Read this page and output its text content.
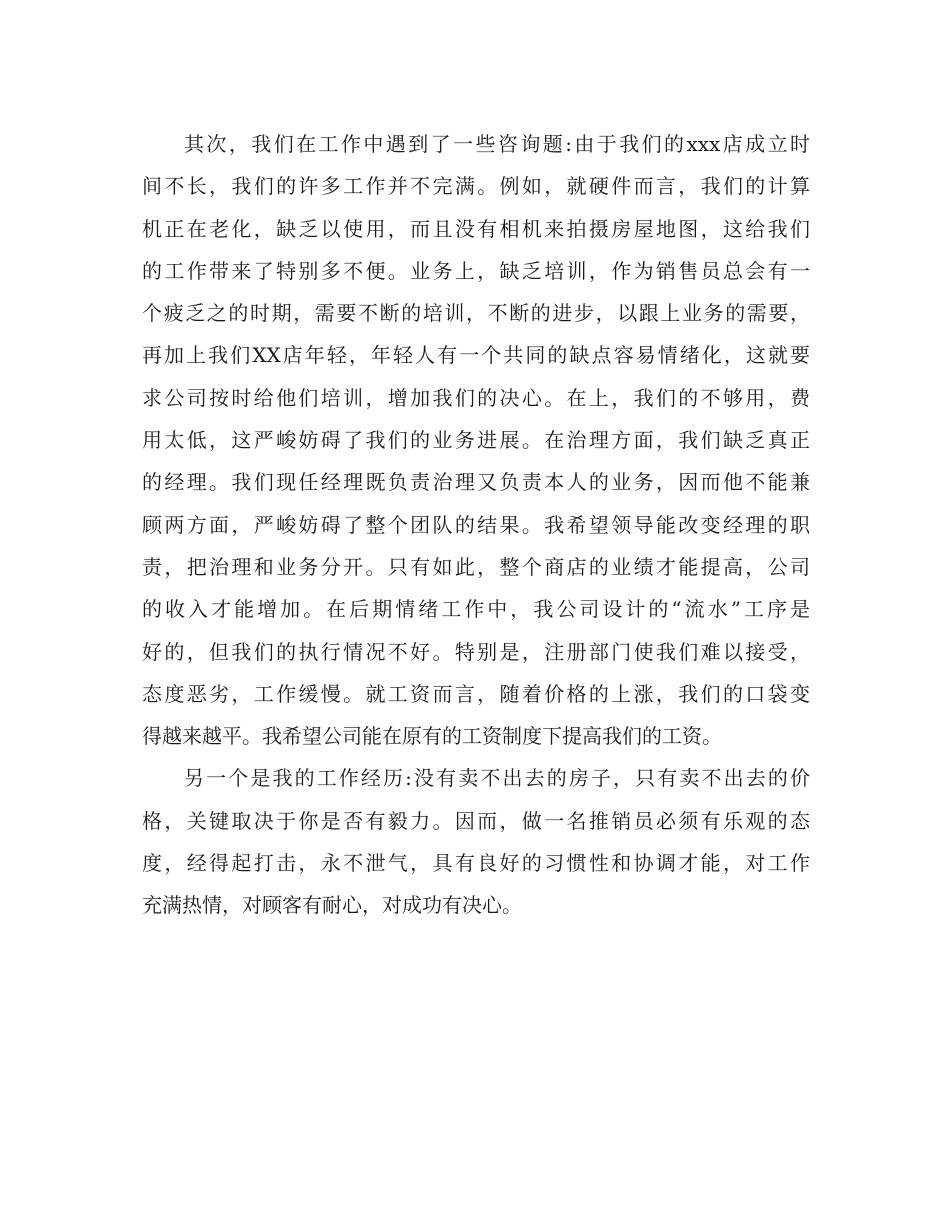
其次，我们在工作中遇到了一些咨询题:由于我们的xxx店成立时
间不长，我们的许多工作并不完满。例如，就硬件而言，我们的计算
机正在老化，缺乏以使用，而且没有相机来拍摄房屋地图，这给我们
的工作带来了特别多不便。业务上，缺乏培训，作为销售员总会有一
个疲乏之的时期，需要不断的培训，不断的进步，以跟上业务的需要，
再加上我们XX店年轻，年轻人有一个共同的缺点容易情绪化，这就要
求公司按时给他们培训，增加我们的决心。在上，我们的不够用，费
用太低，这严峻妨碍了我们的业务进展。在治理方面，我们缺乏真正
的经理。我们现任经理既负责治理又负责本人的业务，因而他不能兼
顾两方面，严峻妨碍了整个团队的结果。我希望领导能改变经理的职
责，把治理和业务分开。只有如此，整个商店的业绩才能提高，公司
的收入才能增加。在后期情绪工作中，我公司设计的“流水”工序是
好的，但我们的执行情况不好。特别是，注册部门使我们难以接受，
态度恶劣，工作缓慢。就工资而言，随着价格的上涨，我们的口袋变
得越来越平。我希望公司能在原有的工资制度下提高我们的工资。
另一个是我的工作经历:没有卖不出去的房子，只有卖不出去的价
格，关键取决于你是否有毅力。因而，做一名推销员必须有乐观的态
度，经得起打击，永不泄气，具有良好的习惯性和协调才能，对工作
充满热情，对顾客有耐心，对成功有决心。
